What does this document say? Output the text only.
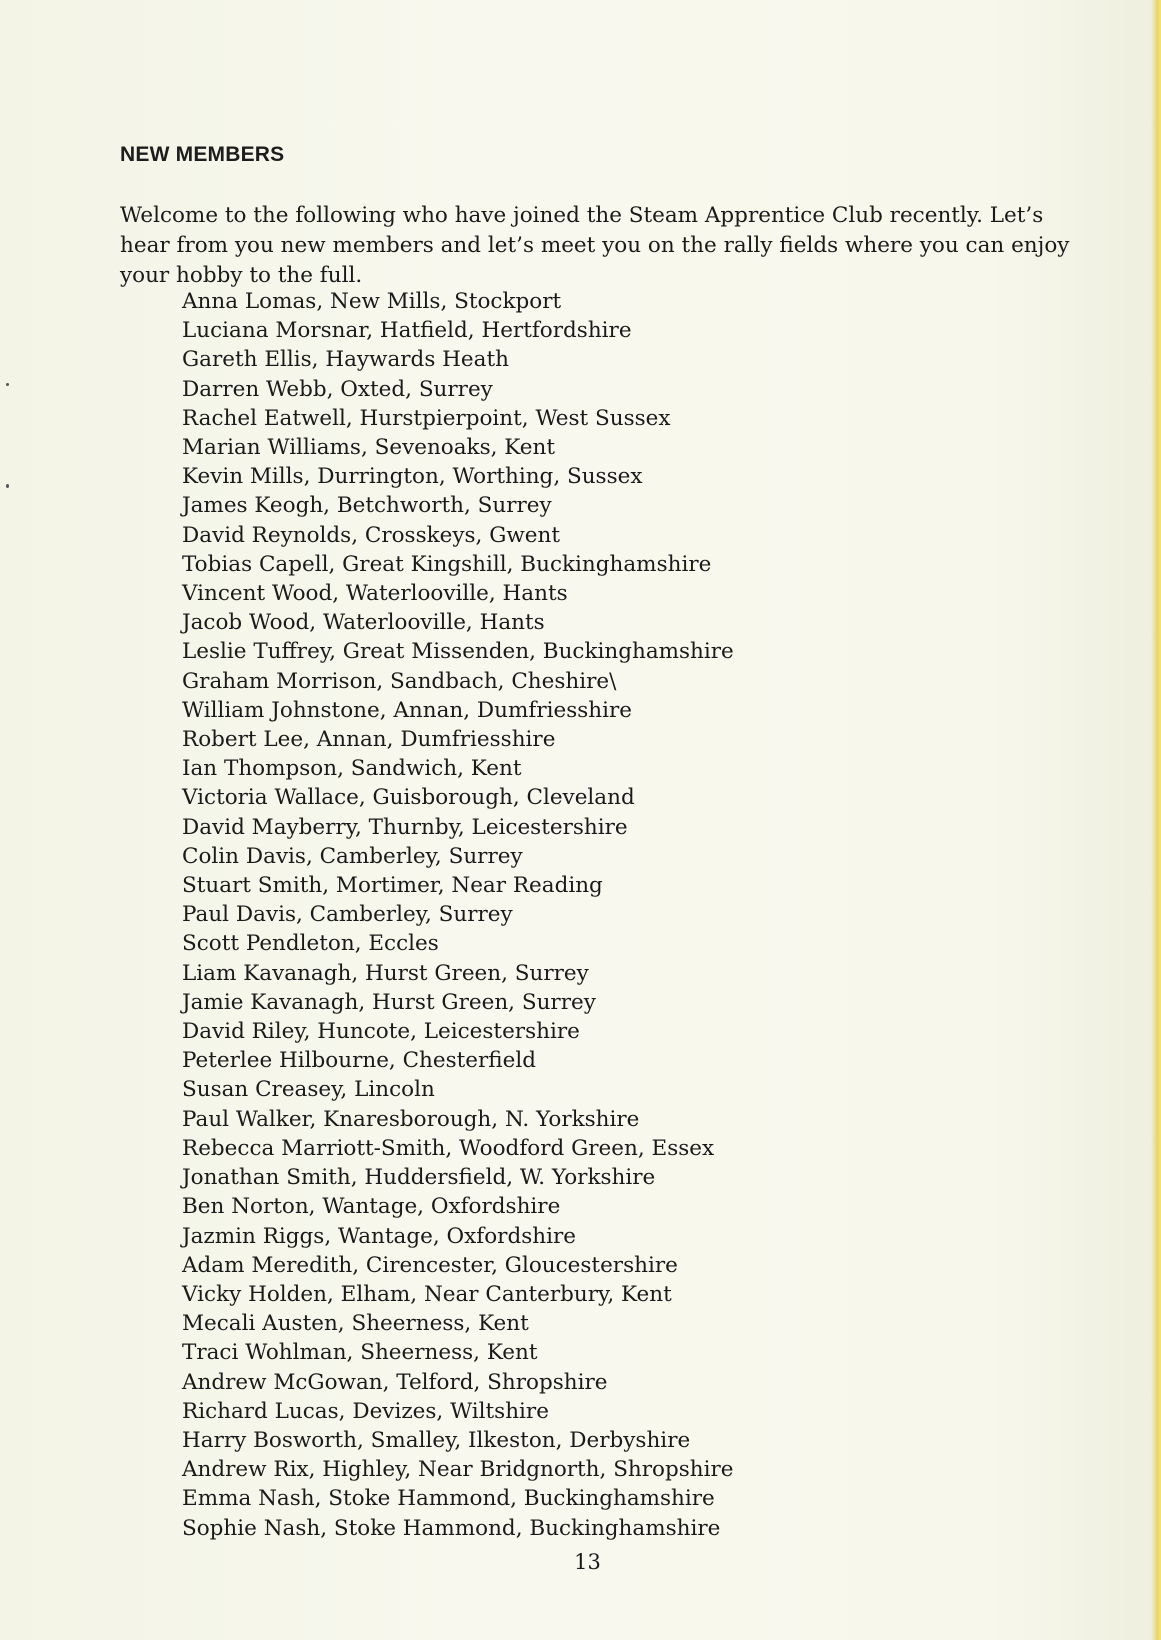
NEW MEMBERS
Welcome to the following who have joined the Steam Apprentice Club recently. Let’s hear from you new members and let’s meet you on the rally fields where you can enjoy your hobby to the full.
Anna Lomas, New Mills, Stockport
Luciana Morsnar, Hatfield, Hertfordshire
Gareth Ellis, Haywards Heath
Darren Webb, Oxted, Surrey
Rachel Eatwell, Hurstpierpoint, West Sussex
Marian Williams, Sevenoaks, Kent
Kevin Mills, Durrington, Worthing, Sussex
James Keogh, Betchworth, Surrey
David Reynolds, Crosskeys, Gwent
Tobias Capell, Great Kingshill, Buckinghamshire
Vincent Wood, Waterlooville, Hants
Jacob Wood, Waterlooville, Hants
Leslie Tuffrey, Great Missenden, Buckinghamshire
Graham Morrison, Sandbach, Cheshire\
William Johnstone, Annan, Dumfriesshire
Robert Lee, Annan, Dumfriesshire
Ian Thompson, Sandwich, Kent
Victoria Wallace, Guisborough, Cleveland
David Mayberry, Thurnby, Leicestershire
Colin Davis, Camberley, Surrey
Stuart Smith, Mortimer, Near Reading
Paul Davis, Camberley, Surrey
Scott Pendleton, Eccles
Liam Kavanagh, Hurst Green, Surrey
Jamie Kavanagh, Hurst Green, Surrey
David Riley, Huncote, Leicestershire
Peterlee Hilbourne, Chesterfield
Susan Creasey, Lincoln
Paul Walker, Knaresborough, N. Yorkshire
Rebecca Marriott-Smith, Woodford Green, Essex
Jonathan Smith, Huddersfield, W. Yorkshire
Ben Norton, Wantage, Oxfordshire
Jazmin Riggs, Wantage, Oxfordshire
Adam Meredith, Cirencester, Gloucestershire
Vicky Holden, Elham, Near Canterbury, Kent
Mecali Austen, Sheerness, Kent
Traci Wohlman, Sheerness, Kent
Andrew McGowan, Telford, Shropshire
Richard Lucas, Devizes, Wiltshire
Harry Bosworth, Smalley, Ilkeston, Derbyshire
Andrew Rix, Highley, Near Bridgnorth, Shropshire
Emma Nash, Stoke Hammond, Buckinghamshire
Sophie Nash, Stoke Hammond, Buckinghamshire
13
